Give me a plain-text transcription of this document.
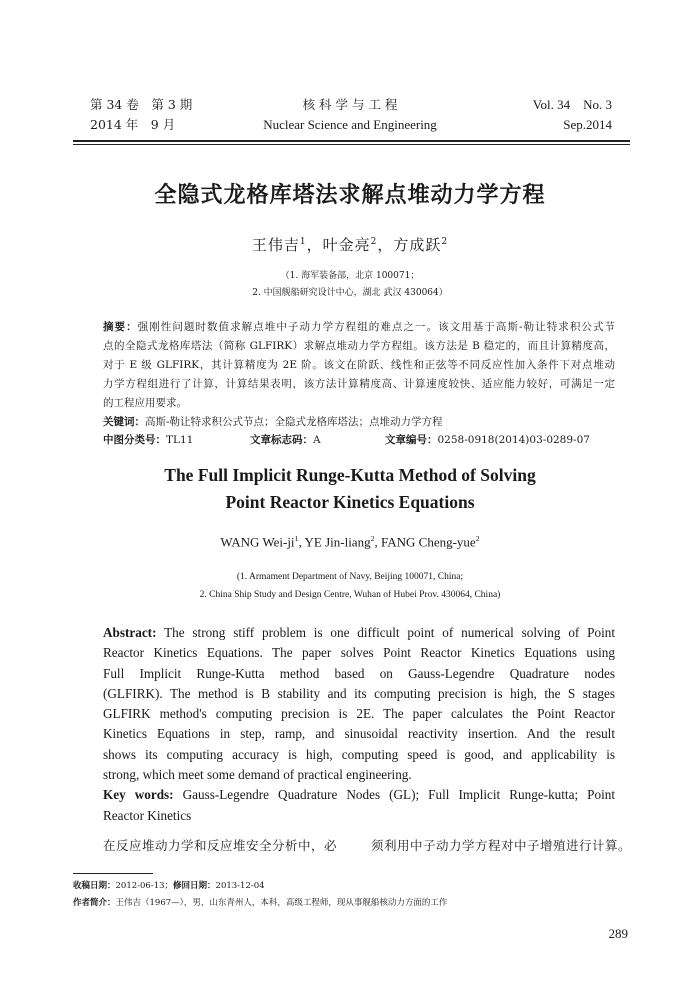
第 34 卷　第 3 期
2014 年　9 月
核 科 学 与 工 程
Nuclear Science and Engineering
Vol. 34　No. 3
Sep.2014
全隐式龙格库塔法求解点堆动力学方程
王伟吉$^1$，叶金亮$^2$，方成跃$^2$
（1. 海军装备部，北京 100071；
2. 中国舰船研究设计中心，湖北 武汉 430064）
摘要：强刚性问题时数值求解点堆中子动力学方程组的难点之一。该文用基于高斯-勒让特求积公式节
点的全隐式龙格库塔法（简称 GLFIRK）求解点堆动力学方程组。该方法是 B 稳定的，而且计算精度高，
对于 E 级 GLFIRK，其计算精度为 2E 阶。该文在阶跃、线性和正弦等不同反应性加入条件下对点堆动
力学方程组进行了计算，计算结果表明，该方法计算精度高、计算速度较快、适应能力较好，可满足一定
的工程应用要求。
关键词：高斯-勒让特求积公式节点；全隐式龙格库塔法；点堆动力学方程
中图分类号：TL11	文章标志码：A	文章编号：0258-0918(2014)03-0289-07
The Full Implicit Runge-Kutta Method of Solving
Point Reactor Kinetics Equations
WANG Wei-$ji^1$, YE Jin-liang$^2$, FANG Cheng-yue$^2$
(1. Armament Department of Navy, Beijing 100071, China;
2. China Ship Study and Design Centre, Wuhan of Hubei Prov. 430064, China)
Abstract: The strong stiff problem is one difficult point of numerical solving of Point
Reactor Kinetics Equations. The paper solves Point Reactor Kinetics Equations using
Full Implicit Runge-Kutta method based on Gauss-Legendre Quadrature nodes
(GLFIRK). The method is B stability and its computing precision is high, the S stages
GLFIRK method's computing precision is 2E. The paper calculates the Point Reactor
Kinetics Equations in step, ramp, and sinusoidal reactivity insertion. And the result
shows its computing accuracy is high, computing speed is good, and applicability is
strong, which meet some demand of practical engineering.
Key words: Gauss-Legendre Quadrature Nodes (GL); Full Implicit Runge-kutta; Point
Reactor Kinetics
在反应堆动力学和反应堆安全分析中，必	须利用中子动力学方程对中子增殖进行计算。
收稿日期：2012-06-13；修回日期：2013-12-04
作者简介：王伟吉（1967—），男，山东青州人，本科，高级工程师，现从事舰船核动力方面的工作
289
